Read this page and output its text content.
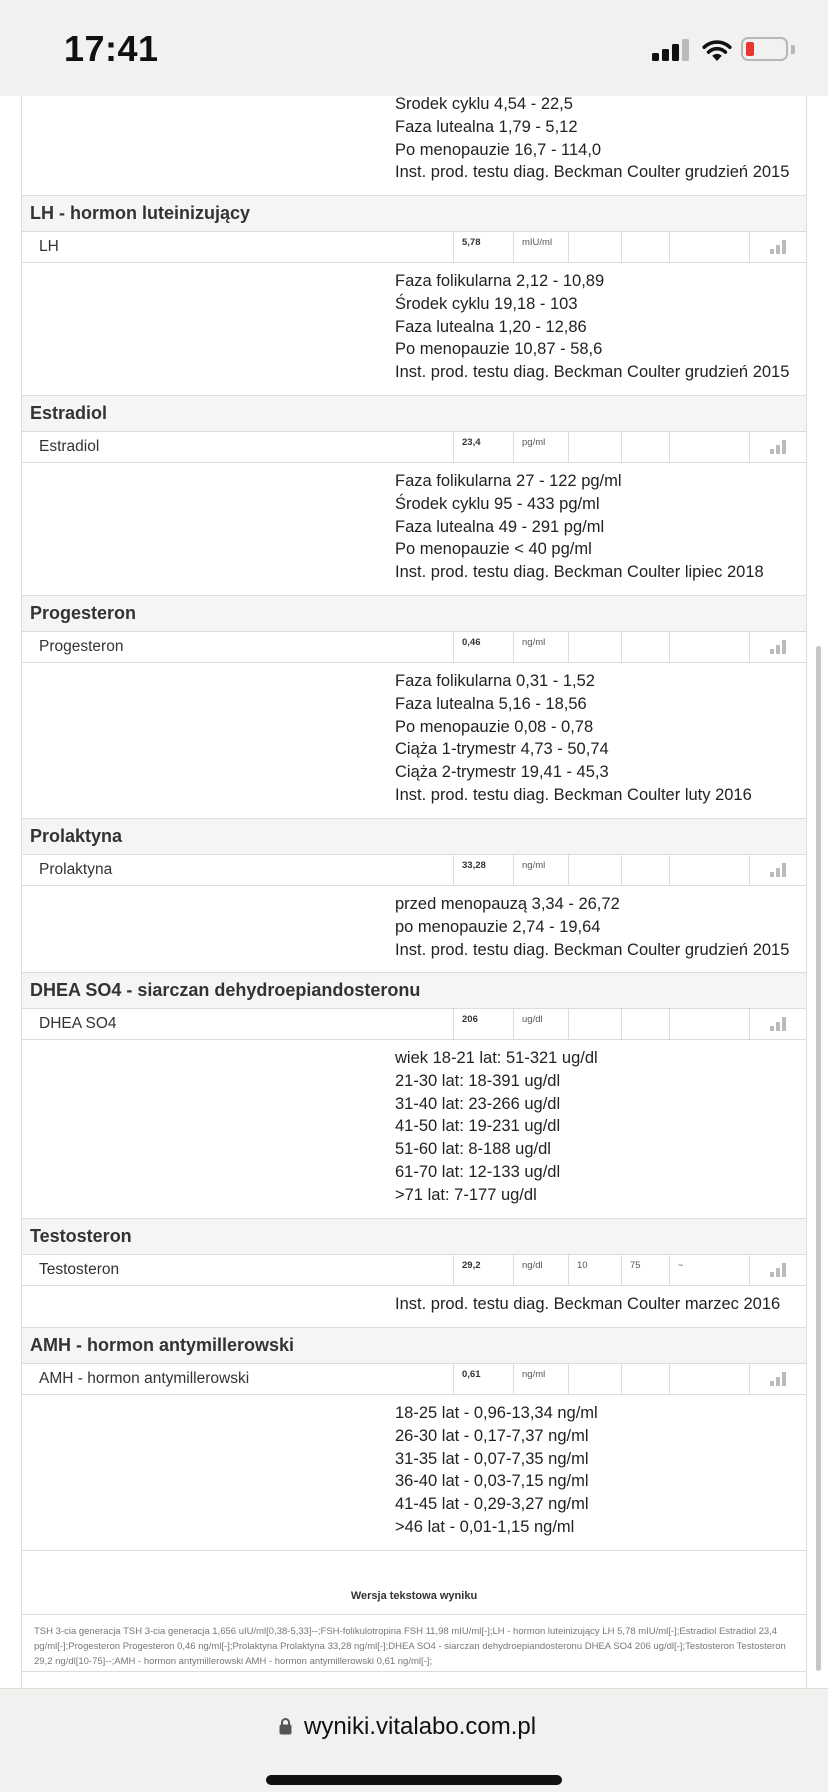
17:41
Środek cyklu 4,54 - 22,5
Faza lutealna 1,79 - 5,12
Po menopauzie 16,7 - 114,0
Inst. prod. testu diag. Beckman Coulter grudzień 2015
LH - hormon luteinizujący
LH	5,78	mIU/ml
Faza folikularna 2,12 - 10,89
Środek cyklu 19,18 - 103
Faza lutealna 1,20 - 12,86
Po menopauzie 10,87 - 58,6
Inst. prod. testu diag. Beckman Coulter grudzień 2015
Estradiol
Estradiol	23,4	pg/ml
Faza folikularna 27 - 122 pg/ml
Środek cyklu 95 - 433 pg/ml
Faza lutealna 49 - 291 pg/ml
Po menopauzie < 40 pg/ml
Inst. prod. testu diag. Beckman Coulter lipiec 2018
Progesteron
Progesteron	0,46	ng/ml
Faza folikularna 0,31 - 1,52
Faza lutealna 5,16 - 18,56
Po menopauzie 0,08 - 0,78
Ciąża 1-trymestr 4,73 - 50,74
Ciąża 2-trymestr 19,41 - 45,3
Inst. prod. testu diag. Beckman Coulter luty 2016
Prolaktyna
Prolaktyna	33,28	ng/ml
przed menopauzą 3,34 - 26,72
po menopauzie 2,74 - 19,64
Inst. prod. testu diag. Beckman Coulter grudzień 2015
DHEA SO4 - siarczan dehydroepiandosteronu
DHEA SO4	206	ug/dl
wiek 18-21 lat: 51-321 ug/dl
21-30 lat: 18-391 ug/dl
31-40 lat: 23-266 ug/dl
41-50 lat: 19-231 ug/dl
51-60 lat: 8-188 ug/dl
61-70 lat: 12-133 ug/dl
>71 lat: 7-177 ug/dl
Testosteron
Testosteron	29,2	ng/dl	10	75	~
Inst. prod. testu diag. Beckman Coulter marzec 2016
AMH - hormon antymillerowski
AMH - hormon antymillerowski	0,61	ng/ml
18-25 lat - 0,96-13,34 ng/ml
26-30 lat - 0,17-7,37 ng/ml
31-35 lat - 0,07-7,35 ng/ml
36-40 lat - 0,03-7,15 ng/ml
41-45 lat - 0,29-3,27 ng/ml
>46 lat - 0,01-1,15 ng/ml
Wersja tekstowa wyniku
TSH 3-cia generacja TSH 3-cia generacja 1,656 uIU/ml[0,38-5,33]--;FSH-folikulotropina FSH 11,98 mIU/ml[-];LH - hormon luteinizujący LH 5,78 mIU/ml[-];Estradiol Estradiol 23,4 pg/ml[-];Progesteron Progesteron 0,46 ng/ml[-];Prolaktyna Prolaktyna 33,28 ng/ml[-];DHEA SO4 - siarczan dehydroepiandosteronu DHEA SO4 206 ug/dl[-];Testosteron Testosteron 29,2 ng/dl[10-75]--;AMH - hormon antymillerowski AMH - hormon antymillerowski 0,61 ng/ml[-];
wyniki.vitalabo.com.pl
